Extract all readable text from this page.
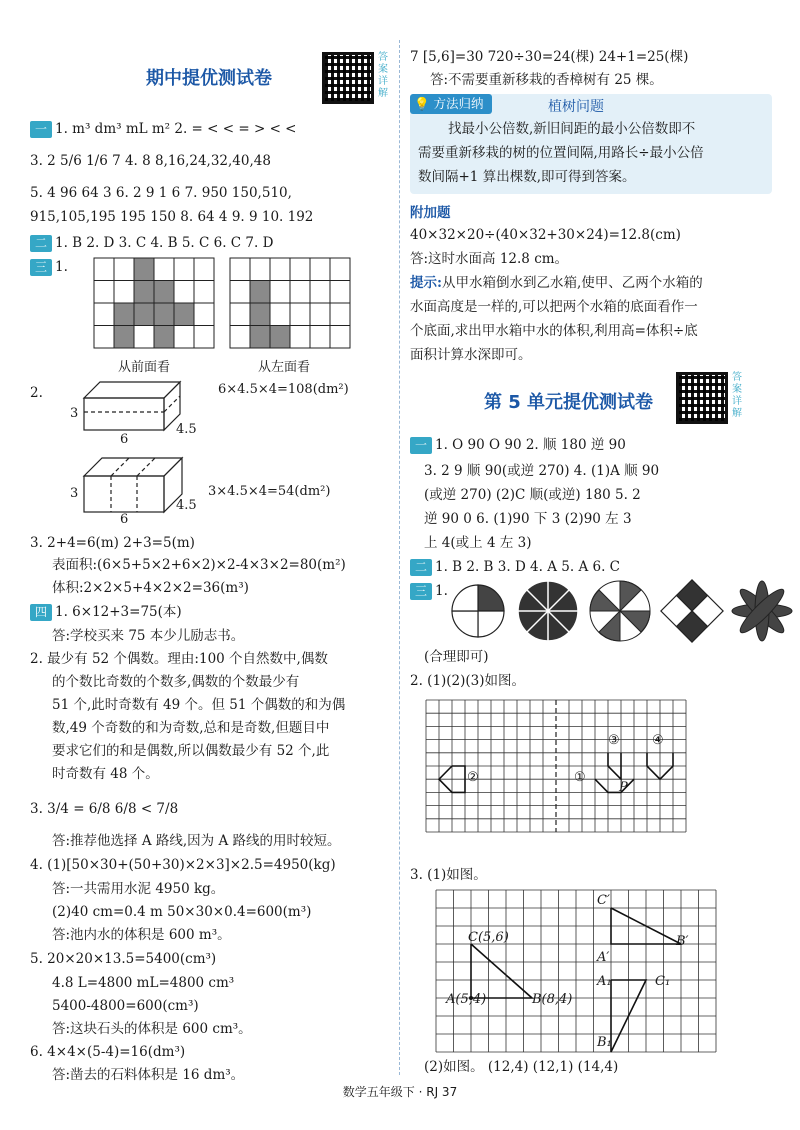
期中提优测试卷
答案详解
一 1. m³ dm³ mL m² 2. = < < = > < <
3. 2 5/6 1/6 7 4. 8 8,16,24,32,40,48
5. 4 96 64 3 6. 2 9 1 6 7. 950 150,510,
915,105,195 195 150 8. 64 4 9. 9 10. 192
二 1. B 2. D 3. C 4. B 5. C 6. C 7. D
三 1.
从前面看	从左面看
2.
3
6
4.5
6×4.5×4=108(dm²)
3
6
4.5
3×4.5×4=54(dm²)
3. 2+4=6(m) 2+3=5(m)
表面积:(6×5+5×2+6×2)×2-4×3×2=80(m²)
体积:2×2×5+4×2×2=36(m³)
四 1. 6×12+3=75(本)
答:学校买来 75 本少儿励志书。
2. 最少有 52 个偶数。理由:100 个自然数中,偶数
的个数比奇数的个数多,偶数的个数最少有
51 个,此时奇数有 49 个。但 51 个偶数的和为偶
数,49 个奇数的和为奇数,总和是奇数,但题目中
要求它们的和是偶数,所以偶数最少有 52 个,此
时奇数有 48 个。
3. 3/4 = 6/8 6/8 < 7/8
答:推荐他选择 A 路线,因为 A 路线的用时较短。
4. (1)[50×30+(50+30)×2×3]×2.5=4950(kg)
答:一共需用水泥 4950 kg。
(2)40 cm=0.4 m 50×30×0.4=600(m³)
答:池内水的体积是 600 m³。
5. 20×20×13.5=5400(cm³)
4.8 L=4800 mL=4800 cm³
5400-4800=600(cm³)
答:这块石头的体积是 600 cm³。
6. 4×4×(5-4)=16(dm³)
答:凿去的石料体积是 16 dm³。
7 [5,6]=30 720÷30=24(棵) 24+1=25(棵)
答:不需要重新移栽的香樟树有 25 棵。
💡 方法归纳	植树问题
找最小公倍数,新旧间距的最小公倍数即不
需要重新移栽的树的位置间隔,用路长÷最小公倍
数间隔+1 算出棵数,即可得到答案。
附加题
40×32×20÷(40×32+30×24)=12.8(cm)
答:这时水面高 12.8 cm。
提示:从甲水箱倒水到乙水箱,使甲、乙两个水箱的
水面高度是一样的,可以把两个水箱的底面看作一
个底面,求出甲水箱中水的体积,利用高=体积÷底
面积计算水深即可。
第 5 单元提优测试卷
答案详解
一 1. O 90 O 90 2. 顺 180 逆 90
3. 2 9 顺 90(或逆 270) 4. (1)A 顺 90
(或逆 270) (2)C 顺(或逆) 180 5. 2
逆 90 0 6. (1)90 下 3 (2)90 左 3
上 4(或上 4 左 3)
二 1. B 2. B 3. D 4. A 5. A 6. C
三 1.
(合理即可)
2. (1)(2)(3)如图。
②	①
③ ④
P
3. (1)如图。
C′
B′
C(5,6)
A′
A₁	C₁
A(5,4)	B(8,4)
B₁
(2)如图。 (12,4) (12,1) (14,4)
数学五年级下 · RJ 37
